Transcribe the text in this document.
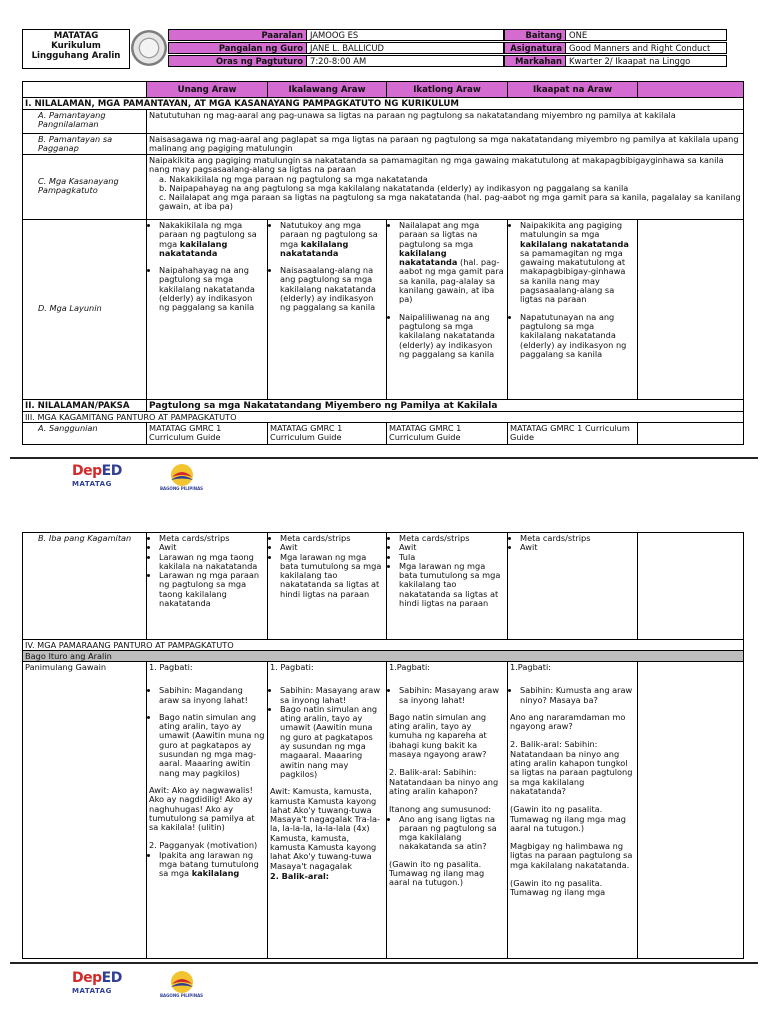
MATATAG
Kurikulum
Lingguhang Aralin
Paaralan JAMOOG ES
Pangalan ng Guro JANE L. BALLICUD
Oras ng Pagtuturo 7:20-8:00 AM
Baitang ONE
Asignatura Good Manners and Right Conduct
Markahan Kwarter 2/ Ikaapat na Linggo
Unang Araw	Ikalawang Araw	Ikatlong Araw	Ikaapat na Araw
I. NILALAMAN, MGA PAMANTAYAN, AT MGA KASANAYANG PAMPAGKATUTO NG KURIKULUM
A. Pamantayang Pangnilalaman
Natututuhan ng mag-aaral ang pag-unawa sa ligtas na paraan ng pagtulong sa nakatatandang miyembro ng pamilya at kakilala
B. Pamantayan sa Pagganap
Naisasagawa ng mag-aaral ang paglapat sa mga ligtas na paraan ng pagtulong sa mga nakatatandang miyembro ng pamilya at kakilala upang malinang ang pagiging matulungin
C. Mga Kasanayang Pampagkatuto

Naipakikita ang pagiging matulungin sa nakatatanda sa pamamagitan ng mga gawaing makatutulong at makapagbibigayginhawa sa kanila nang may pagsasaalang-alang sa ligtas na paraan

a. Nakakikilala ng mga paraan ng pagtulong sa mga nakatatanda

b. Naipapahayag na ang pagtulong sa mga kakilalang nakatatanda (elderly) ay indikasyon ng paggalang sa kanila

c. Nailalapat ang mga paraan sa ligtas na pagtulong sa mga nakatatanda (hal. pag-aabot ng mga gamit para sa kanila, pagalalay sa kanilang gawain, at iba pa)

D. Mga Layunin
• Nakakikilala ng mga paraan ng pagtulong sa mga kakilalang nakatatanda
• Naipahahayag na ang pagtulong sa mga kakilalang nakatatanda (elderly) ay indikasyon ng paggalang sa kanila
• Natutukoy ang mga paraan ng pagtulong sa mga kakilalang nakatatanda
• Naisasaalang-alang na ang pagtulong sa mga kakilalang nakatatanda (elderly) ay indikasyon ng paggalang sa kanila
• Nailalapat ang mga paraan sa ligtas na pagtulong sa mga kakilalang nakatatanda (hal. pag-aabot ng mga gamit para sa kanila, pag-alalay sa kanilang gawain, at iba pa)
• Naipaliliwanag na ang pagtulong sa mga kakilalang nakatatanda (elderly) ay indikasyon ng paggalang sa kanila
• Naipakikita ang pagiging matulungin sa mga kakilalang nakatatanda sa pamamagitan ng mga gawaing makatutulong at makapagbibigay-ginhawa sa kanila nang may pagsasaalang-alang sa ligtas na paraan
• Napatutunayan na ang pagtulong sa mga kakilalang nakatatanda (elderly) ay indikasyon ng paggalang sa kanila
II. NILALAMAN/PAKSA	Pagtulong sa mga Nakatatandang Miyembero ng Pamilya at Kakilala
III. MGA KAGAMITANG PANTURO AT PAMPAGKATUTO
A. Sanggunian	MATATAG GMRC 1 Curriculum Guide
MATATAG GMRC 1 Curriculum Guide
MATATAG GMRC 1 Curriculum Guide
MATATAG GMRC 1 Curriculum Guide
DepED
MATATAG
BAGONG PILIPINAS
B. Iba pang Kagamitan
•	Meta cards/strips
• Awit
• Larawan ng mga taong kakilala na nakatatanda
• Larawan ng mga paraan ng pagtulong sa mga taong kakilalang nakatatanda
• Meta cards/strips
• Awit
• Mga larawan ng mga bata tumutulong sa mga kakilalang tao nakatatanda sa ligtas at hindi ligtas na paraan
• Meta cards/strips
• Awit
• Tula
• Mga larawan ng mga bata tumutulong sa mga kakilalang tao nakatatanda sa ligtas at hindi ligtas na paraan
• Meta cards/strips
• Awit
IV. MGA PAMARAANG PANTURO AT PAMPAGKATUTO
Bago Ituro ang Aralin
Panimulang Gawain	1. Pagbati:

• Sabihin: Magandang araw sa inyong lahat!
• Bago natin simulan ang ating aralin, tayo ay umawit (Aawitin muna ng guro at pagkatapos ay susundan ng mga mag-aaral. Maaaring awitin nang may pagkilos)

Awit: Ako ay nagwawalis! Ako ay nagdidilig! Ako ay naghuhugas! Ako ay tumutulong sa pamilya at sa kakilala! (ulitin)

2. Pagganyak (motivation)

• Ipakita ang larawan ng mga batang tumutulong sa mga kakilalang

1. Pagbati:

• Sabihin: Masayang araw sa inyong lahat!
• Bago natin simulan ang ating aralin, tayo ay umawit (Aawitin muna ng guro at pagkatapos ay susundan ng mga magaaral. Maaaring awitin nang may pagkilos)

Awit: Kamusta, kamusta, kamusta Kamusta kayong lahat Ako'y tuwang-tuwa Masaya't nagagalak Tra-la-la, la-la-la, la-la-lala (4x) Kamusta, kamusta, kamusta Kamusta kayong lahat Ako'y tuwang-tuwa Masaya't nagagalak

2. Balik-aral:

1.Pagbati:

• Sabihin: Masayang araw sa inyong lahat!

Bago natin simulan ang ating aralin, tayo ay kumuha ng kapareha at ibahagi kung bakit ka masaya ngayong araw?

2. Balik-aral: Sabihin: Natatandaan ba ninyo ang ating aralin kahapon?

Itanong ang sumusunod:

• Ano ang isang ligtas na paraan ng pagtulong sa mga kakilalang nakakatanda sa atin?

(Gawin ito ng pasalita. Tumawag ng ilang mag aaral na tutugon.)

1.Pagbati:

• Sabihin: Kumusta ang araw ninyo? Masaya ba?

Ano ang nararamdaman mo ngayong araw?

2. Balik-aral: Sabihin: Natatandaan ba ninyo ang ating aralin kahapon tungkol sa ligtas na paraan pagtulong sa mga kakilalang nakatatanda?

(Gawin ito ng pasalita. Tumawag ng ilang mga mag aaral na tutugon.)

Magbigay ng halimbawa ng ligtas na paraan pagtulong sa mga kakilalang nakatatanda.

(Gawin ito ng pasalita. Tumawag ng ilang mga

DepED
MATATAG
BAGONG PILIPINAS
